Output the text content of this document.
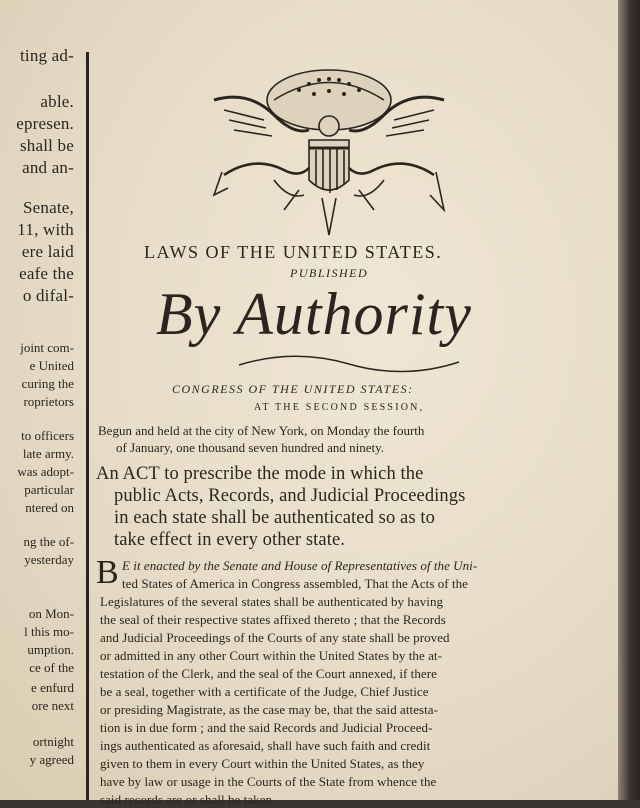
ting ad-
able.
epresen.
shall be
and an-
Senate,
11, with
ere laid
eafe the
o difal-
joint com-
e United
curing the
roprietors
to officers
late army.
was adopt-
particular
ntered on
ng the of-
yesterday
on Mon-
l this mo-
umption.
ce of the
e enfurd
ore next
ortnight
y agreed
LAWS OF THE UNITED STATES.
PUBLISHED
By Authority
CONGRESS OF THE UNITED STATES:
AT THE SECOND SESSION,
Begun and held at the city of New York, on Monday the fourth
of January, one thousand seven hundred and ninety.
An ACT to prescribe the mode in which the
public Acts, Records, and Judicial Proceedings
in each state shall be authenticated so as to
take effect in every other state.
B E it enacted by the Senate and House of Representatives of the Uni-
ted States of America in Congress assembled, That the Acts of the
Legislatures of the several states shall be authenticated by having
the seal of their respective states affixed thereto ; that the Records
and Judicial Proceedings of the Courts of any state shall be proved
or admitted in any other Court within the United States by the at-
testation of the Clerk, and the seal of the Court annexed, if there
be a seal, together with a certificate of the Judge, Chief Justice
or presiding Magistrate, as the case may be, that the said attesta-
tion is in due form ; and the said Records and Judicial Proceed-
ings authenticated as aforesaid, shall have such faith and credit
given to them in every Court within the United States, as they
have by law or usage in the Courts of the State from whence the
said records are or shall be taken.
